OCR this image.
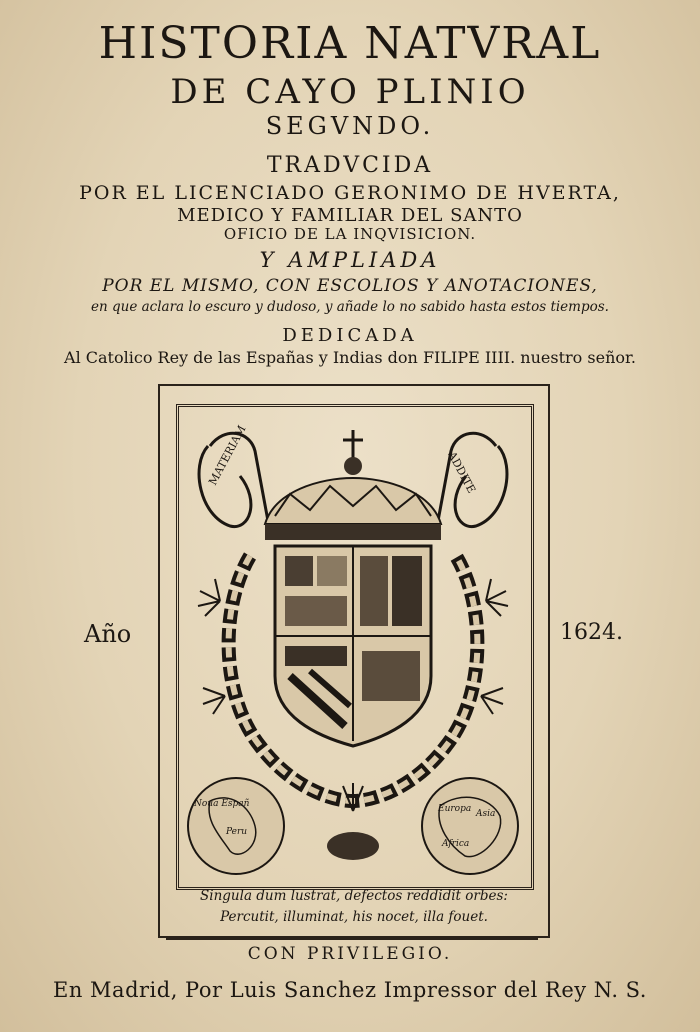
HISTORIA NATVRAL
DE CAYO PLINIO
SEGVNDO.
TRADVCIDA
POR EL LICENCIADO GERONIMO DE HVERTA,
MEDICO Y FAMILIAR DEL SANTO
OFICIO DE LA INQVISICION.
Y AMPLIADA
POR EL MISMO, CON ESCOLIOS Y ANOTACIONES,
en que aclara lo escuro y dudoso, y añade lo no sabido hasta estos tiempos.
DEDICADA
Al Catolico Rey de las Españas y Indias don FILIPE IIII. nuestro señor.
Año	1624.
MATERIAM	ADDITE
Noua Españ
Peru
Europa Asia
Africa
Singula dum lustrat, defectos reddidit orbes:
Percutit, illuminat, his nocet, illa fouet.
CON PRIVILEGIO.
En Madrid, Por Luis Sanchez Impressor del Rey N. S.
